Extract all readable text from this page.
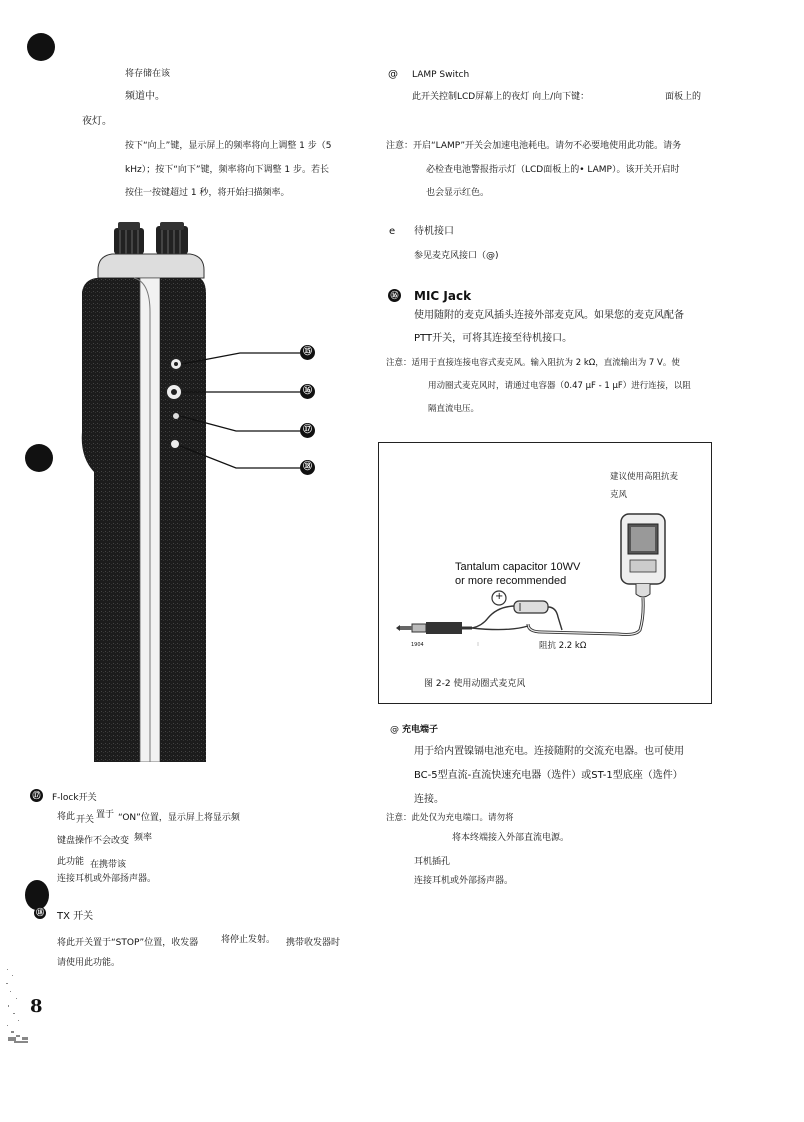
将存储在该
频道中。
夜灯。
按下“向上”键，显示屏上的频率将向上调整 1 步（5
kHz）；按下“向下”键，频率将向下调整 1 步。若长
按住一按键超过 1 秒，将开始扫描频率。
⑮
⑯
⑰
⑱
⑰ F-lock开关
将此 开关 置于 “ON”位置，显示屏上将显示频
键盘操作不会改变 频率
此功能 在携带该
连接耳机或外部扬声器。
⑱ TX 开关
将此开关置于“STOP”位置，收发器	将停止发射。 携带收发器时
请使用此功能。
8
@ LAMP Switch
此开关控制LCD屏幕上的夜灯 向上/向下键：	面板上的
注意：开启“LAMP”开关会加速电池耗电。请勿不必要地使用此功能。请务
必检查电池警报指示灯（LCD面板上的• LAMP）。该开关开启时
也会显示红色。
e 待机接口
参见麦克风接口（@)
⑯ MIC Jack
使用随附的麦克风插头连接外部麦克风。如果您的麦克风配备
PTT开关，可将其连接至待机接口。
注意：适用于直接连接电容式麦克风。输入阻抗为 2 kΩ，直流输出为 7 V。使
用动圈式麦克风时，请通过电容器（0.47 μF - 1 μF）进行连接，以阻
隔直流电压。
建议使用高阻抗麦
克风
Tantalum capacitor 10WV
or more recommended
+
1904	阻抗 2.2 kΩ
图 2-2 使用动圈式麦克风
@ 充电端子
用于给内置镍镉电池充电。连接随附的交流充电器。也可使用
BC-5型直流-直流快速充电器（选件）或ST-1型底座（选件）
连接。
注意：此处仅为充电端口。请勿将
将本终端接入外部直流电源。
耳机插孔
连接耳机或外部扬声器。
